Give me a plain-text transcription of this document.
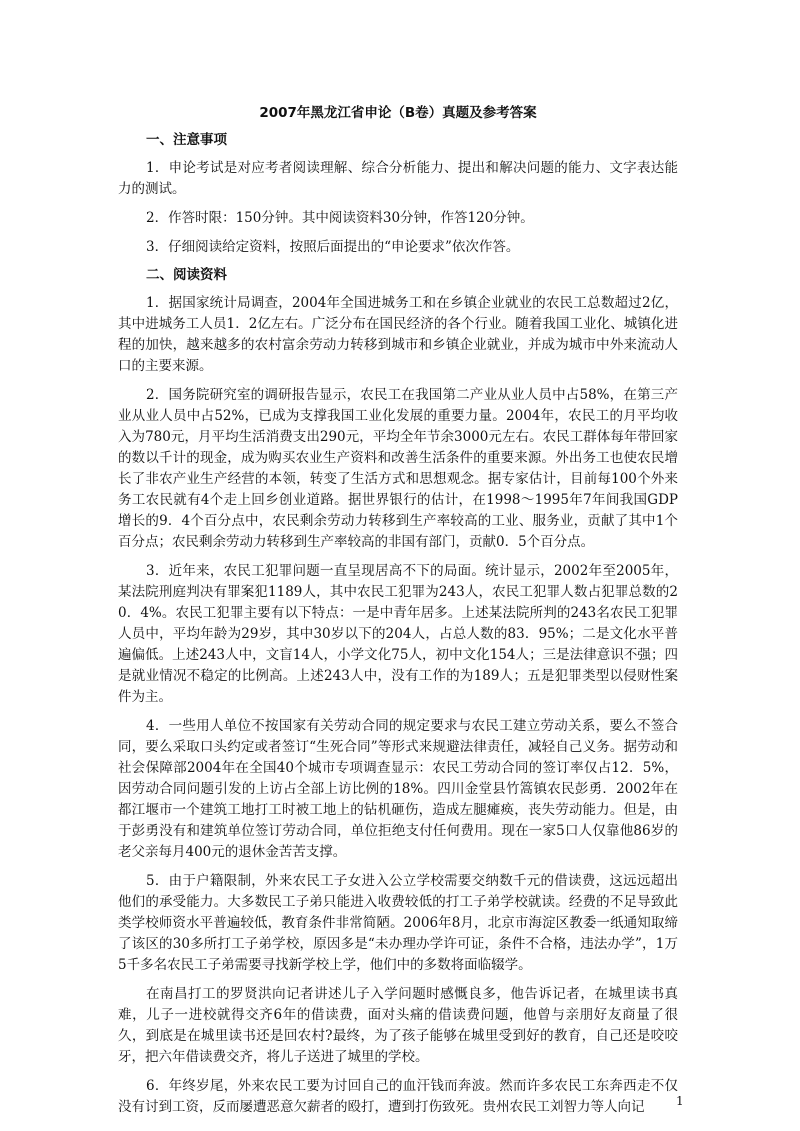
2007年黑龙江省申论（B卷）真题及参考答案
一、注意事项

1．申论考试是对应考者阅读理解、综合分析能力、提出和解决问题的能力、文字表达能力的测试。

2．作答时限：150分钟。其中阅读资料30分钟，作答120分钟。

3．仔细阅读给定资料，按照后面提出的“申论要求”依次作答。

二、阅读资料

1．据国家统计局调查，2004年全国进城务工和在乡镇企业就业的农民工总数超过2亿，其中进城务工人员1．2亿左右。广泛分布在国民经济的各个行业。随着我国工业化、城镇化进程的加快，越来越多的农村富余劳动力转移到城市和乡镇企业就业，并成为城市中外来流动人口的主要来源。

2．国务院研究室的调研报告显示，农民工在我国第二产业从业人员中占58%，在第三产业从业人员中占52%，已成为支撑我国工业化发展的重要力量。2004年，农民工的月平均收入为780元，月平均生活消费支出290元，平均全年节余3000元左右。农民工群体每年带回家的数以千计的现金，成为购买农业生产资料和改善生活条件的重要来源。外出务工也使农民增长了非农产业生产经营的本领，转变了生活方式和思想观念。据专家估计，目前每100个外来务工农民就有4个走上回乡创业道路。据世界银行的估计，在1998～1995年7年间我国GDP增长的9．4个百分点中，农民剩余劳动力转移到生产率较高的工业、服务业，贡献了其中1个百分点；农民剩余劳动力转移到生产率较高的非国有部门，贡献0．5个百分点。

3．近年来，农民工犯罪问题一直呈现居高不下的局面。统计显示，2002年至2005年，某法院刑庭判决有罪案犯1189人，其中农民工犯罪为243人，农民工犯罪人数占犯罪总数的20．4%。农民工犯罪主要有以下特点：一是中青年居多。上述某法院所判的243名农民工犯罪人员中，平均年龄为29岁，其中30岁以下的204人，占总人数的83．95%；二是文化水平普遍偏低。上述243人中，文盲14人，小学文化75人，初中文化154人；三是法律意识不强；四是就业情况不稳定的比例高。上述243人中，没有工作的为189人；五是犯罪类型以侵财性案件为主。

4．一些用人单位不按国家有关劳动合同的规定要求与农民工建立劳动关系，要么不签合同，要么采取口头约定或者签订“生死合同”等形式来规避法律责任，减轻自己义务。据劳动和社会保障部2004年在全国40个城市专项调查显示：农民工劳动合同的签订率仅占12．5%，因劳动合同问题引发的上访占全部上访比例的18%。四川金堂县竹篙镇农民彭勇．2002年在都江堰市一个建筑工地打工时被工地上的钻机砸伤，造成左腿瘫痪，丧失劳动能力。但是，由于彭勇没有和建筑单位签订劳动合同，单位拒绝支付任何费用。现在一家5口人仅靠他86岁的老父亲每月400元的退休金苦苦支撑。

5．由于户籍限制，外来农民工子女进入公立学校需要交纳数千元的借读费，这远远超出他们的承受能力。大多数民工子弟只能进入收费较低的打工子弟学校就读。经费的不足导致此类学校师资水平普遍较低，教育条件非常简陋。2006年8月，北京市海淀区教委一纸通知取缔了该区的30多所打工子弟学校，原因多是“未办理办学许可证，条件不合格，违法办学”，1万5千多名农民工子弟需要寻找新学校上学，他们中的多数将面临辍学。

在南昌打工的罗贤洪向记者讲述儿子入学问题时感慨良多，他告诉记者，在城里读书真难，儿子一进校就得交齐6年的借读费，面对头痛的借读费问题，他曾与亲朋好友商量了很久，到底是在城里读书还是回农村?最终，为了孩子能够在城里受到好的教育，自己还是咬咬牙，把六年借读费交齐，将儿子送进了城里的学校。

6．年终岁尾，外来农民工要为讨回自己的血汗钱而奔波。然而许多农民工东奔西走不仅没有讨到工资，反而屡遭恶意欠薪者的殴打，遭到打伤致死。贵州农民工刘智力等人向记	1
